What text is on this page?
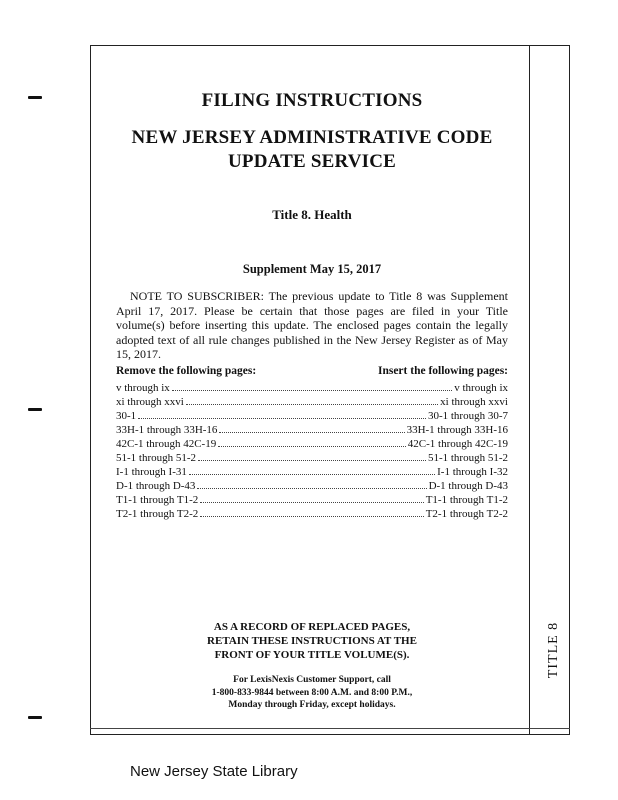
FILING INSTRUCTIONS
NEW JERSEY ADMINISTRATIVE CODE
UPDATE SERVICE
Title 8. Health
Supplement May 15, 2017
NOTE TO SUBSCRIBER: The previous update to Title 8 was Supplement April 17, 2017. Please be certain that those pages are filed in your Title volume(s) before inserting this update. The enclosed pages contain the legally adopted text of all rule changes published in the New Jersey Register as of May 15, 2017.
Remove the following pages:	Insert the following pages:
v through ix	v through ix
xi through xxvi	xi through xxvi
30-1	30-1 through 30-7
33H-1 through 33H-16	33H-1 through 33H-16
42C-1 through 42C-19	42C-1 through 42C-19
51-1 through 51-2	51-1 through 51-2
I-1 through I-31	I-1 through I-32
D-1 through D-43	D-1 through D-43
T1-1 through T1-2	T1-1 through T1-2
T2-1 through T2-2	T2-1 through T2-2
AS A RECORD OF REPLACED PAGES,
RETAIN THESE INSTRUCTIONS AT THE
FRONT OF YOUR TITLE VOLUME(S).
For LexisNexis Customer Support, call
1-800-833-9844 between 8:00 A.M. and 8:00 P.M.,
Monday through Friday, except holidays.
TITLE 8
New Jersey State Library
